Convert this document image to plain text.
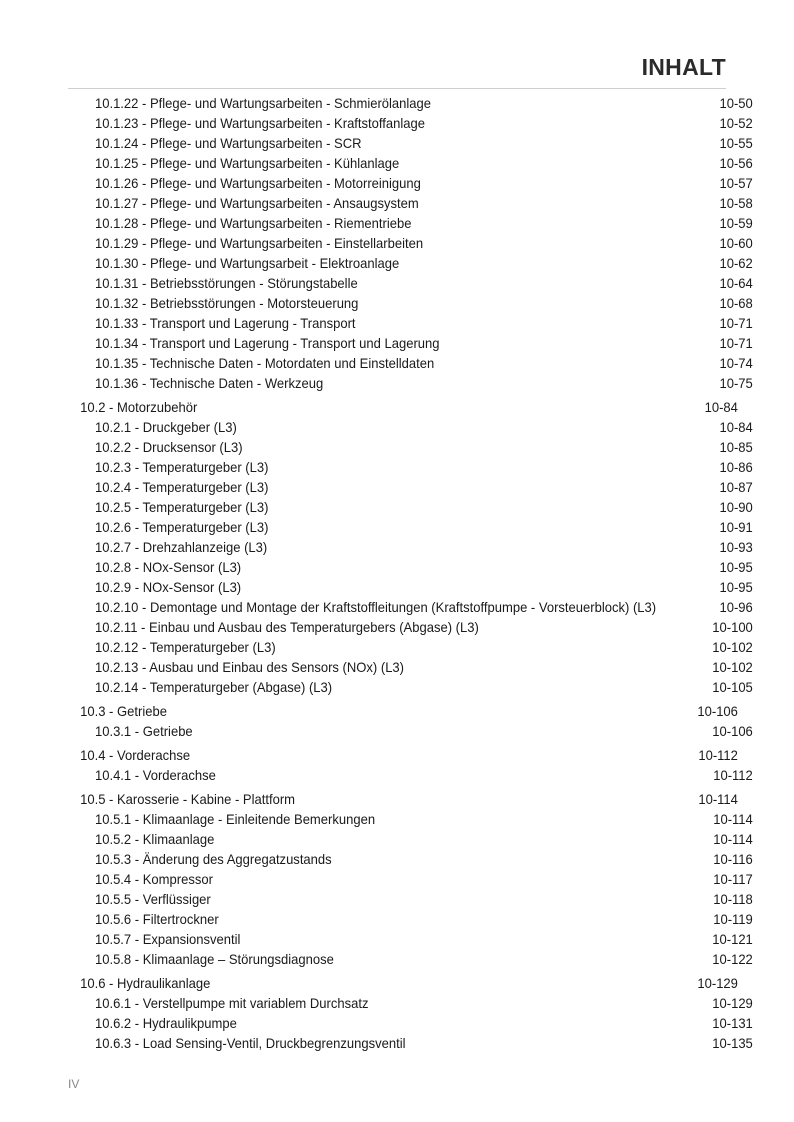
INHALT
10.1.22 - Pflege- und Wartungsarbeiten - Schmierölanlage	10-50
10.1.23 - Pflege- und Wartungsarbeiten - Kraftstoffanlage	10-52
10.1.24 - Pflege- und Wartungsarbeiten - SCR	10-55
10.1.25 - Pflege- und Wartungsarbeiten - Kühlanlage	10-56
10.1.26 - Pflege- und Wartungsarbeiten - Motorreinigung	10-57
10.1.27 - Pflege- und Wartungsarbeiten - Ansaugsystem	10-58
10.1.28 - Pflege- und Wartungsarbeiten - Riementriebe	10-59
10.1.29 - Pflege- und Wartungsarbeiten - Einstellarbeiten	10-60
10.1.30 - Pflege- und Wartungsarbeit - Elektroanlage	10-62
10.1.31 - Betriebsstörungen - Störungstabelle	10-64
10.1.32 - Betriebsstörungen - Motorsteuerung	10-68
10.1.33 - Transport und Lagerung - Transport	10-71
10.1.34 - Transport und Lagerung - Transport und Lagerung	10-71
10.1.35 - Technische Daten - Motordaten und Einstelldaten	10-74
10.1.36 - Technische Daten - Werkzeug	10-75
10.2 - Motorzubehör	10-84
10.2.1 - Druckgeber (L3)	10-84
10.2.2 - Drucksensor (L3)	10-85
10.2.3 - Temperaturgeber (L3)	10-86
10.2.4 - Temperaturgeber (L3)	10-87
10.2.5 - Temperaturgeber (L3)	10-90
10.2.6 - Temperaturgeber (L3)	10-91
10.2.7 - Drehzahlanzeige (L3)	10-93
10.2.8 - NOx-Sensor (L3)	10-95
10.2.9 - NOx-Sensor (L3)	10-95
10.2.10 - Demontage und Montage der Kraftstoffleitungen (Kraftstoffpumpe - Vorsteuerblock) (L3)	10-96
10.2.11 - Einbau und Ausbau des Temperaturgebers (Abgase) (L3)	10-100
10.2.12 - Temperaturgeber (L3)	10-102
10.2.13 - Ausbau und Einbau des Sensors (NOx) (L3)	10-102
10.2.14 - Temperaturgeber (Abgase) (L3)	10-105
10.3 - Getriebe	10-106
10.3.1 - Getriebe	10-106
10.4 - Vorderachse	10-112
10.4.1 - Vorderachse	10-112
10.5 - Karosserie - Kabine - Plattform	10-114
10.5.1 - Klimaanlage - Einleitende Bemerkungen	10-114
10.5.2 - Klimaanlage	10-114
10.5.3 - Änderung des Aggregatzustands	10-116
10.5.4 - Kompressor	10-117
10.5.5 - Verflüssiger	10-118
10.5.6 - Filtertrockner	10-119
10.5.7 - Expansionsventil	10-121
10.5.8 - Klimaanlage – Störungsdiagnose	10-122
10.6 - Hydraulikanlage	10-129
10.6.1 - Verstellpumpe mit variablem Durchsatz	10-129
10.6.2 - Hydraulikpumpe	10-131
10.6.3 - Load Sensing-Ventil, Druckbegrenzungsventil	10-135
IV
